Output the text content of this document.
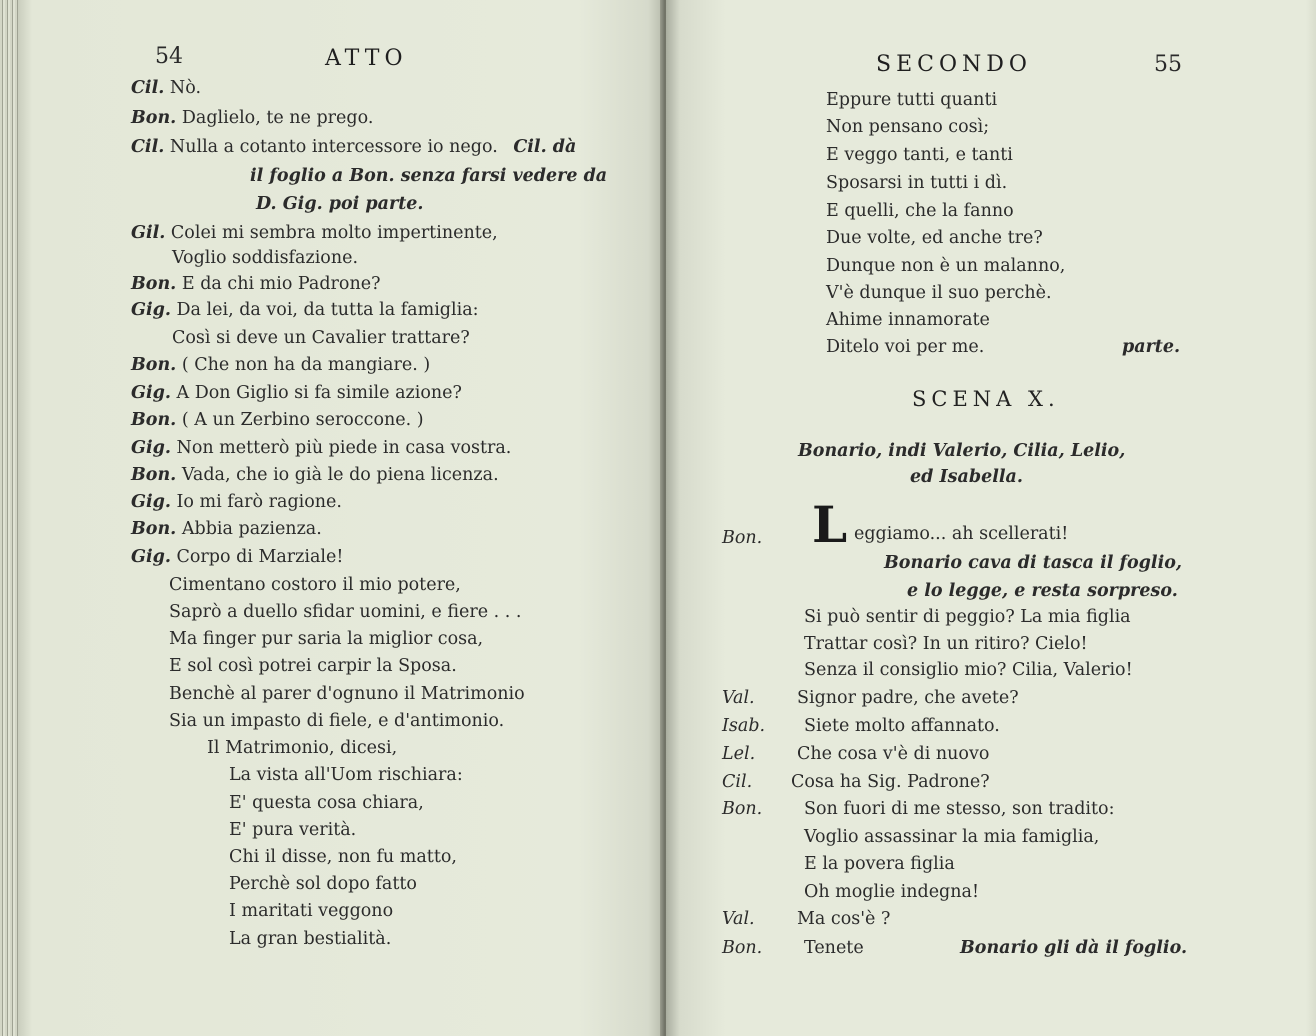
54	ATTO
Cil. Nò.
Bon. Daglielo, te ne prego.
Cil. Nulla a cotanto intercessore io nego. Cil. dà
il foglio a Bon. senza farsi vedere da
D. Gig. poi parte.
Gil. Colei mi sembra molto impertinente,
Voglio soddisfazione.
Bon. E da chi mio Padrone?
Gig. Da lei, da voi, da tutta la famiglia:
Così si deve un Cavalier trattare?
Bon. ( Che non ha da mangiare. )
Gig. A Don Giglio si fa simile azione?
Bon. ( A un Zerbino seroccone. )
Gig. Non metterò più piede in casa vostra.
Bon. Vada, che io già le do piena licenza.
Gig. Io mi farò ragione.
Bon. Abbia pazienza.
Gig. Corpo di Marziale!
Cimentano costoro il mio potere,
Saprò a duello sfidar uomini, e fiere . . .
Ma finger pur saria la miglior cosa,
E sol così potrei carpir la Sposa.
Benchè al parer d'ognuno il Matrimonio
Sia un impasto di fiele, e d'antimonio.
Il Matrimonio, dicesi,
La vista all'Uom rischiara:
E' questa cosa chiara,
E' pura verità.
Chi il disse, non fu matto,
Perchè sol dopo fatto
I maritati veggono
La gran bestialità.
SECONDO	55
Eppure tutti quanti
Non pensano così;
E veggo tanti, e tanti
Sposarsi in tutti i dì.
E quelli, che la fanno
Due volte, ed anche tre?
Dunque non è un malanno,
V'è dunque il suo perchè.
Ahime innamorate
Ditelo voi per me.	parte.
SCENA X.
Bonario, indi Valerio, Cilia, Lelio,
ed Isabella.
Bon. L eggiamo... ah scellerati!
Bonario cava di tasca il foglio,
e lo legge, e resta sorpreso.
Si può sentir di peggio? La mia figlia
Trattar così? In un ritiro? Cielo!
Senza il consiglio mio? Cilia, Valerio!
Val. Signor padre, che avete?
Isab. Siete molto affannato.
Lel. Che cosa v'è di nuovo
Cil. Cosa ha Sig. Padrone?
Bon. Son fuori di me stesso, son tradito:
Voglio assassinar la mia famiglia,
E la povera figlia
Oh moglie indegna!
Val. Ma cos'è ?
Bon. Tenete	Bonario gli dà il foglio.
